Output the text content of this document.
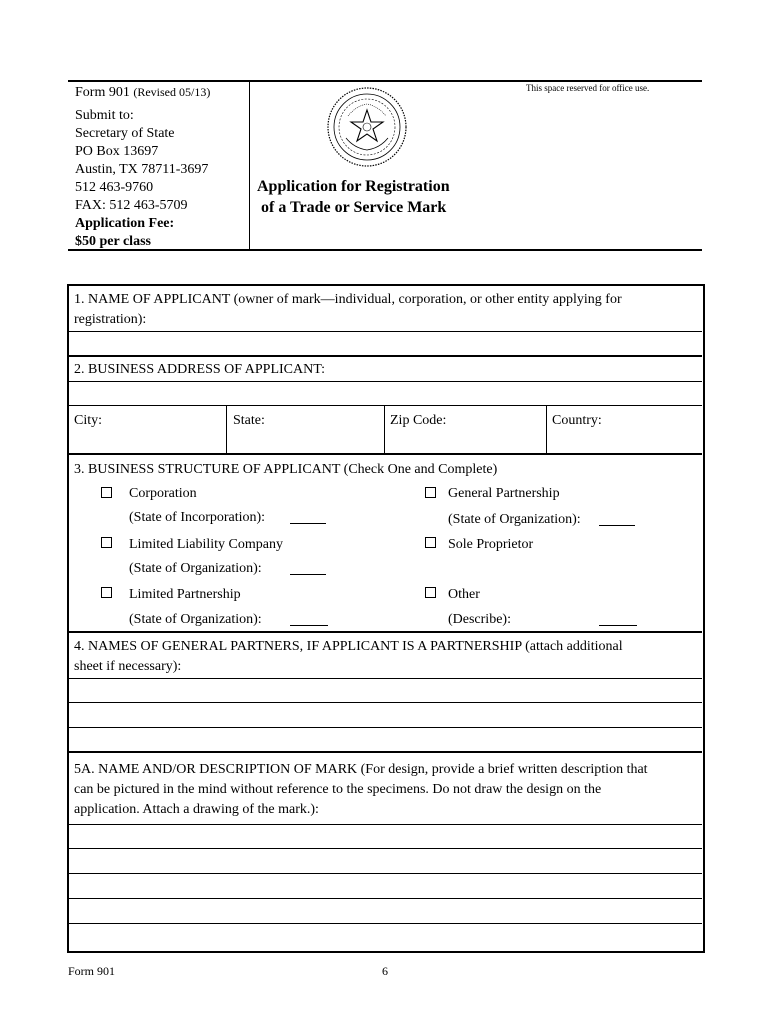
Form 901 (Revised 05/13)	This space reserved for office use.
Submit to:
Secretary of State
PO Box 13697
Austin, TX 78711-3697
512 463-9760
FAX: 512 463-5709
Application Fee:
$50 per class
Application for Registration
of a Trade or Service Mark
1. NAME OF APPLICANT (owner of mark—individual, corporation, or other entity applying for
registration):
2. BUSINESS ADDRESS OF APPLICANT:
City:	State:	Zip Code:	Country:
3. BUSINESS STRUCTURE OF APPLICANT (Check One and Complete)
Corporation
(State of Incorporation):
General Partnership
(State of Organization):
Limited Liability Company
(State of Organization):
Sole Proprietor
Limited Partnership
(State of Organization):
Other
(Describe):
4. NAMES OF GENERAL PARTNERS, IF APPLICANT IS A PARTNERSHIP (attach additional
sheet if necessary):
5A. NAME AND/OR DESCRIPTION OF MARK (For design, provide a brief written description that
can be pictured in the mind without reference to the specimens. Do not draw the design on the
application. Attach a drawing of the mark.):
Form 901	6
